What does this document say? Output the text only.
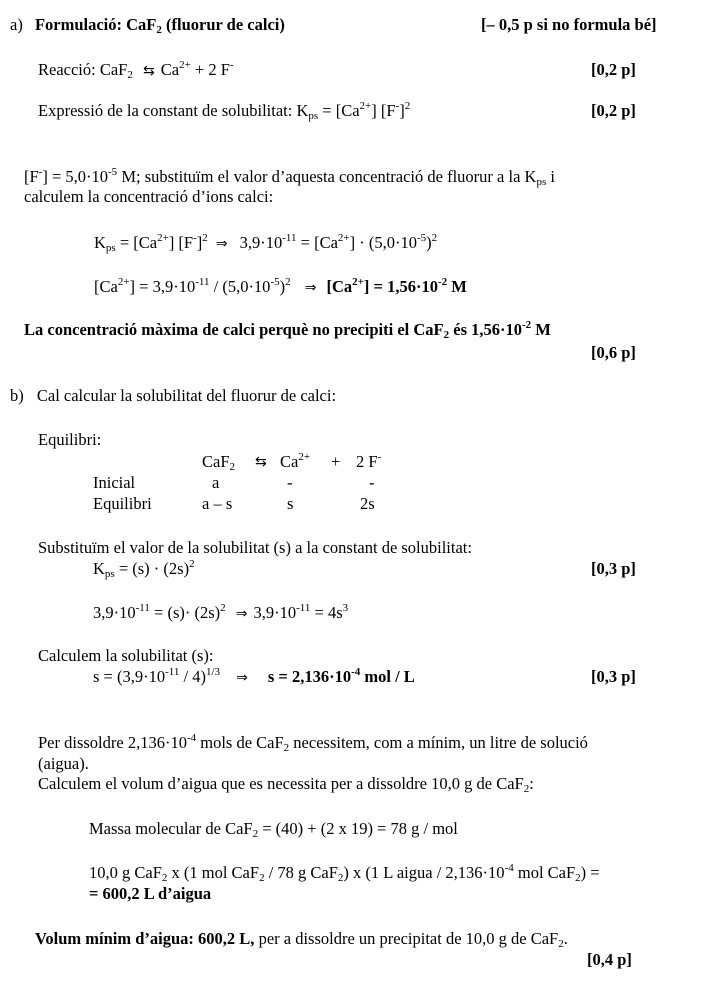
a) Formulació: CaF$_2$ (fluorur de calci)	[– 0,5 p si no formula bé]
Reacció: CaF$_2$ ⇆ $Ca^{2+} + 2$ F-	[0,2 p]
Expressió de la constant de solubilitat: $K_{ps} = [Ca^{2+}]$ $[F^-]^2$	[0,2 p]
$[F^-] = 5,0\cdot 10^{-5}$ M; substituïm el valor d’aquesta concentració de fluorur a la $K_{ps}$ i
calculem la concentració d’ions calci:
$K_{ps} = [Ca^{2+}]$ $[F^-]^2$ ⇒ $3,9\cdot 10^{-11} = [Ca^{2+}] \cdot (5,0\cdot 10^{-5})^2$
$[Ca^{2+}] = 3,9\cdot 10^{-11} / (5,0\cdot 10^{-5})^2$ ⇒ $[Ca^{2+}] = 1,56\cdot 10^{-2}$ M
La concentració màxima de calci perquè no precipiti el CaF$_2$ és $1,56\cdot 10^{-2}$ M
[0,6 p]
b) Cal calcular la solubilitat del fluorur de calci:
Equilibri:
CaF$_2$ ⇆ $Ca^{2+} + 2$ F-
Inicial	a	-	-
Equilibri	a – s	s	2s
Substituïm el valor de la solubilitat (s) a la constant de solubilitat:
$K_{ps} = (s) \cdot (2s)^2$	[0,3 p]
$3,9\cdot 10^{-11} = (s)\cdot (2s)^2$ ⇒ $3,9\cdot 10^{-11} = 4s^3$
Calculem la solubilitat (s):
$s = (3,9\cdot 10^{-11} / 4)^{1/3}$ ⇒ $s = 2,136\cdot 10^{-4}$ mol / L	[0,3 p]
Per dissoldre $2,136\cdot 10^{-4}$ mols de CaF$_2$ necessitem, com a mínim, un litre de solució
(aigua).
Calculem el volum d’aigua que es necessita per a dissoldre 10,0 g de CaF$_2$:
Massa molecular de CaF$_2$ = (40) + (2 x 19) = 78 g / mol
10,0 g CaF$_2$ x (1 mol CaF$_2$ / 78 g CaF$_2$) x (1 L aigua / $2,136\cdot 10^{-4}$ mol CaF$_2$) =
= 600,2 L d’aigua
Volum mínim d’aigua: 600,2 L, per a dissoldre un precipitat de 10,0 g de CaF$_2$.
[0,4 p]
